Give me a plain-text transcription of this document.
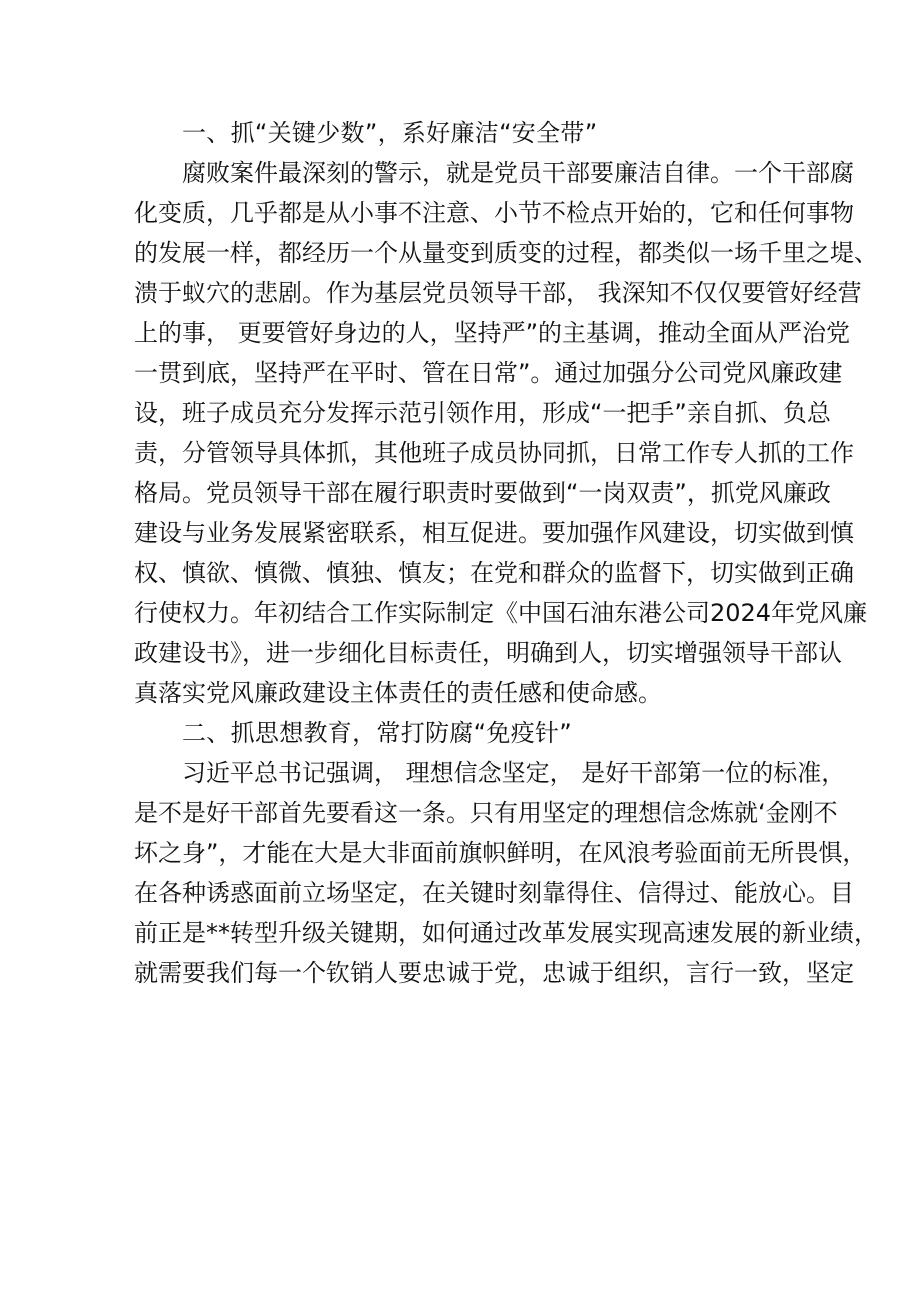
一、抓“关键少数”，系好廉洁“安全带”

腐败案件最深刻的警示，就是党员干部要廉洁自律。一个干部腐
化变质，几乎都是从小事不注意、小节不检点开始的，它和任何事物
的发展一样，都经历一个从量变到质变的过程，都类似一场千里之堤、
溃于蚁穴的悲剧。作为基层党员领导干部， 我深知不仅仅要管好经营
上的事， 更要管好身边的人，坚持严”的主基调，推动全面从严治党
一贯到底，坚持严在平时、管在日常”。通过加强分公司党风廉政建
设，班子成员充分发挥示范引领作用，形成“一把手”亲自抓、负总
责，分管领导具体抓，其他班子成员协同抓，日常工作专人抓的工作
格局。党员领导干部在履行职责时要做到“一岗双责”，抓党风廉政
建设与业务发展紧密联系，相互促进。要加强作风建设，切实做到慎
权、慎欲、慎微、慎独、慎友；在党和群众的监督下，切实做到正确
行使权力。年初结合工作实际制定《中国石油东港公司2024年党风廉
政建设书》，进一步细化目标责任，明确到人，切实增强领导干部认
真落实党风廉政建设主体责任的责任感和使命感。

二、抓思想教育，常打防腐“免疫针”

习近平总书记强调， 理想信念坚定， 是好干部第一位的标准，
是不是好干部首先要看这一条。只有用坚定的理想信念炼就‘金刚不
坏之身”，才能在大是大非面前旗帜鲜明，在风浪考验面前无所畏惧，
在各种诱惑面前立场坚定，在关键时刻靠得住、信得过、能放心。目
前正是**转型升级关键期，如何通过改革发展实现高速发展的新业绩，
就需要我们每一个钦销人要忠诚于党，忠诚于组织，言行一致，坚定
